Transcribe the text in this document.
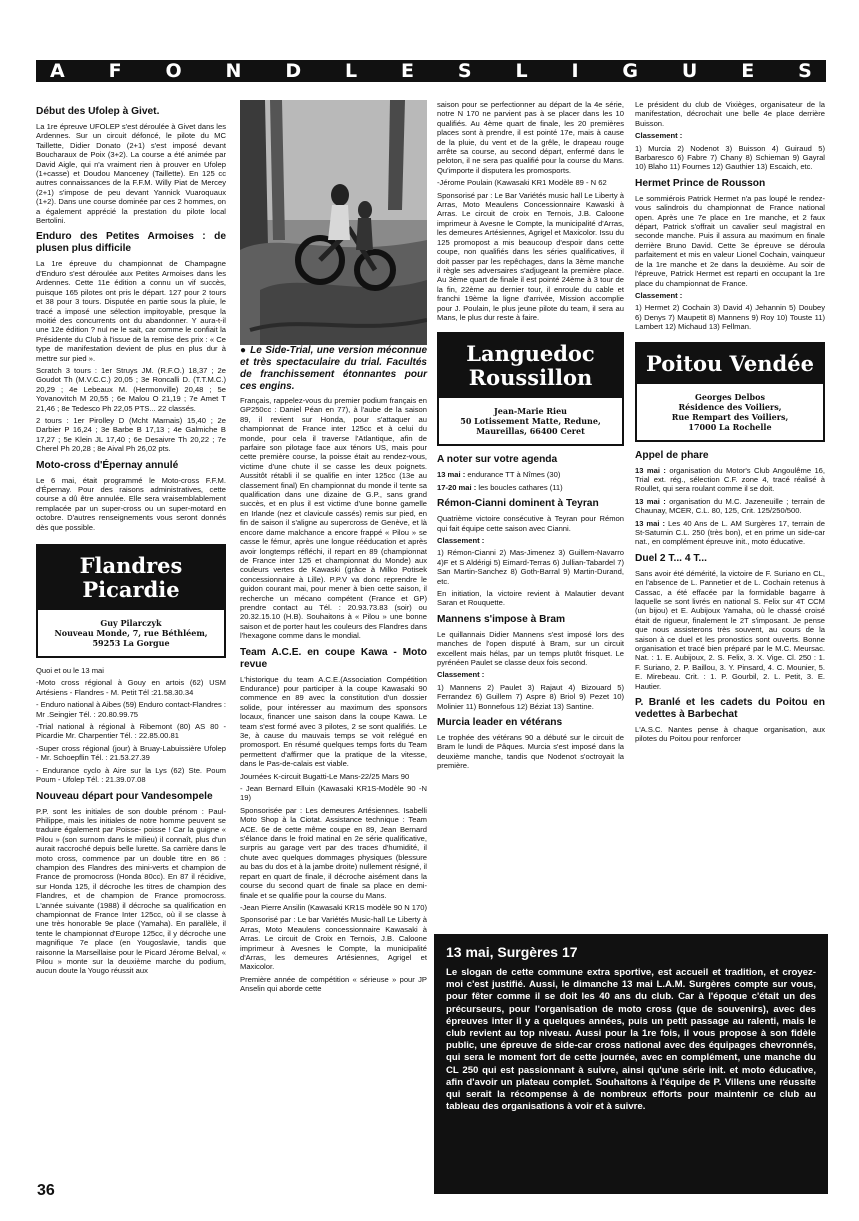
A F O N D L E S L I G U E S
Début des Ufolep à Givet.

La 1re épreuve UFOLEP s'est déroulée à Givet dans les Ardennes. Sur un circuit défoncé, le pilote du MC Taillette, Didier Donato (2+1) s'est imposé devant Boucharaux de Poix (3+2). La course a été animée par David Aigle, qui n'a vraiment rien à prouver en Ufolep (1+casse) et Doudou Manceney (Taillette). En 125 cc autres connaissances de la F.F.M. Willy Piat de Mercey (2+1) s'impose de peu devant Yannick Vuaroquaux (1+2). Dans une course dominée par ces 2 hommes, on a également apprécié la prestation du pilote local Bertolini.

Enduro des Petites Armoises : de plusen plus difficile

La 1re épreuve du championnat de Champagne d'Enduro s'est déroulée aux Petites Armoises dans les Ardennes. Cette 11e édition a connu un vif succès, puisque 165 pilotes ont pris le départ. 127 pour 2 tours et 38 pour 3 tours. Disputée en partie sous la pluie, le tracé a imposé une sélection impitoyable, presque la moitié des concurrents ont du abandonner. Y aura-t-il une 12e édition ? nul ne le sait, car comme le confiait la Présidente du Club à l'issue de la remise des prix : « Ce type de manifestation devient de plus en plus dur à mettre sur pied ».

Scratch 3 tours : 1er Struys JM. (R.F.O.) 18,37 ; 2e Goudot Th (M.V.C.C.) 20,05 ; 3e Roncalli D. (T.T.M.C.) 20,29 ; 4e Lebeaux M. (Hermonville) 20,48 ; 5e Yovanovitch M 20,55 ; 6e Malou O 21,19 ; 7e Amet T 21,46 ; 8e Tedesco Ph 22,05 PTS... 22 classés.

2 tours : 1er Pirolley D (Mcht Marnais) 15,40 ; 2e Darbier P 16,24 ; 3e Barbe B 17,13 ; 4e Galmiche B 17,27 ; 5e Klein JL 17,40 ; 6e Desaivre Th 20,22 ; 7e Cherel Ph 20,28 ; 8e Aival Ph 26,02 pts.

Moto-cross d'Épernay annulé

Le 6 mai, était programmé le Moto-cross F.F.M. d'Épernay. Pour des raisons administratives, cette course a dû être annulée. Elle sera vraisemblablement remplacée par un super-cross ou un super-motard en octobre. D'autres renseignements vous seront donnés dès que possible.

Flandres
Picardie
Guy Pilarczyk
Nouveau Monde, 7, rue Béthléem,
59253 La Gorgue

Quoi et ou le 13 mai

-Moto cross régional à Gouy en artois (62) USM Artésiens - Flandres - M. Petit Tél :21.58.30.34

- Enduro national à Aibes (59) Enduro contact-Flandres : Mr .Seingier Tél. : 20.80.99.75

-Trial national à régional à Ribemont (80) AS 80 - Picardie Mr. Charpentier Tél. : 22.85.00.81

-Super cross régional (jour) à Bruay-Labuissière Ufolep - Mr. Schoepflin Tél. : 21.53.27.39

- Endurance cyclo à Aire sur la Lys (62) Ste. Poum Poum - Ufolep Tél. : 21.39.07.08

Nouveau départ pour Vandesompele

P.P. sont les initiales de son double prénom : Paul-Philippe, mais les initiales de notre homme peuvent se traduire également par Poisse- poisse ! Car la guigne « Pilou » (son surnom dans le milieu) il connaît, plus d'un aurait raccroché depuis belle lurette. Sa carrière dans le moto cross, commence par un double titre en 86 : champion des Flandres des mini-verts et champion de France de promocross (Honda 80cc). En 87 il récidive, sur Honda 125, il décroche les titres de champion des Flandres, et de champion de France promocross. L'année suivante (1988) il décroche sa qualification en championnat de France Inter 125cc, où il se classe à une très honorable 9e place (Yamaha). En parallèle, il tente le championnat d'Europe 125cc, il y décroche une magnifique 7e place (en Yougoslavie, tandis que raisonne la Marseillaise pour le Picard Jérome Belval, « Pilou » monte sur la deuxième marche du podium, aucun doute la Yougo réussit aux

● Le Side-Trial, une version méconnue et très spectaculaire du trial. Facultés de franchissement étonnantes pour ces engins.

Français, rappelez-vous du premier podium français en GP250cc : Daniel Péan en 77), à l'aube de la saison 89, il revient sur Honda, pour s'attaquer au championnat de France inter 125cc et à celui du monde, pour cela il traverse l'Atlantique, afin de parfaire son pilotage face aux ténors US, mais pour cette première course, la poisse était au rendez-vous, victime d'une chute il se casse les deux poignets. Aussitôt rétabli il se qualifie en inter 125cc (13e au classement final) En championnat du monde il tente sa qualification dans une dizaine de G.P., sans grand succès, et en plus il est victime d'une bonne gamelle en Irlande (nez et clavicule cassés) remis sur pied, en fin de saison il s'aligne au supercross de Genève, et là encore dame malchance a encore frappé « Pilou » se casse le fémur, après une longue rééducation et après avoir longtemps réfléchi, il repart en 89 (championnat de France inter 125 et championnat du Monde) aux couleurs vertes de Kawaski (grâce à Milko Potisek concessionnaire à Lille). P.P.V va donc reprendre le guidon courant mai, pour mener à bien cette saison, il recherche un mécano compétent (France et GP) prendre contact au Tél. : 20.93.73.83 (soir) ou 20.32.15.10 (H.B). Souhaitons à « Pilou » une bonne saison et de porter haut les couleurs des Flandres dans l'hexagone comme dans le mondial.

Team A.C.E. en coupe Kawa - Moto revue

L'historique du team A.C.E.(Association Compétition Endurance) pour participer à la coupe Kawasaki 90 commence en 89 avec la constitution d'un dossier solide, pour intéresser au maximum des sponsors locaux, financer une saison dans la coupe Kawa. Le team s'est formé avec 3 pilotes, 2 se sont qualifiés. Le 3e, à cause du mauvais temps se voit relégué en promosport. En résumé quelques temps forts du Team permettent d'affirmer que la pratique de la vitesse, dans le Pas-de-calais est viable.

Journées K-circuit Bugatti-Le Mans-22/25 Mars 90

- Jean Bernard Elluin (Kawasaki KR1S-Modèle 90 -N 19)

Sponsorisée par : Les demeures Artésiennes. Isabelli Moto Shop à la Ciotat. Assistance technique : Team ACE. 6e de cette même coupe en 89, Jean Bernard s'élance dans le froid matinal en 2e série qualificative, surpris au garage vert par des traces d'humidité, il chute avec quelques dommages physiques (blessure au bas du dos et à la jambe droite) nullement résigné, il repart en quart de finale, il décroche aisément dans la course du second quart de finale sa place en demi-finale et se qualifie pour la course du Mans.

-Jean Pierre Ansilin (Kawasaki KR1S modèle 90 N 170)

Sponsorisé par : Le bar Variétés Music-hall Le Liberty à Arras, Moto Meaulens concessionnaire Kawasaki à Arras. Le circuit de Croix en Ternois, J.B. Caloone imprimeur à Avesnes le Compte, la municipalité d'Arras, les demeures Artésiennes, Agrigel et Maxicolor.

Première année de compétition « sérieuse » pour JP Anselin qui aborde cette

saison pour se perfectionner au départ de la 4e série, notre N 170 ne parvient pas à se placer dans les 10 qualifiés. Au 4ème quart de finale, les 20 premières places sont à prendre, il est pointé 17e, mais à cause de la pluie, du vent et de la grêle, le drapeau rouge arrête sa course, au second départ, enfermé dans le peloton, il ne sera pas qualifié pour la course du Mans. Qu'importe il disputera les promosports.

-Jérome Poulain (Kawasaki KR1 Modèle 89 - N 62

Sponsorisé par : Le Bar Variétés music hall Le Liberty à Arras, Moto Meaulens Concessionnaire Kawaski à Arras. Le circuit de croix en Ternois, J.B. Caloone imprimeur à Avesne le Compte, la municipalité d'Arras, les demeures Artésiennes, Agrigel et Maxicolor. Issu du 125 promopost a mis beaucoup d'espoir dans cette coupe, non qualifiés dans les séries qualificatives, il doit passer par les repêchages, dans la 3ème manche il règle ses adversaires s'adjugeant la première place. Au 3ème quart de finale il est pointé 24ème à 3 tour de la fin, 22ème au dernier tour, il enroule du cable et franchi 19ème la ligne d'arrivée, Mission accomplie pour J. Poulain, le plus jeune pilote du team, il sera au Mans, le plus dur reste à faire.

Languedoc
Roussillon
Jean-Marie Rieu
50 Lotissement Matte, Redune,
Maureillas, 66400 Ceret
A noter sur votre agenda

13 mai : endurance TT à Nîmes (30)

17-20 mai : les boucles cathares (11)

Rémon-Cianni dominent à Teyran

Quatrième victoire consécutive à Teyran pour Rémon qui fait équipe cette saison avec Cianni.

Classement :

1) Rémon-Cianni 2) Mas-Jimenez 3) Guillem-Navarro 4)F et S Aldérigi 5) Eimard-Terras 6) Jullian-Tabardel 7) San Martin-Sanchez 8) Goth-Barral 9) Martin-Durand, etc.

En initiation, la victoire revient à Malautier devant Saran et Rouquette.

Mannens s'impose à Bram

Le quillannais Didier Mannens s'est imposé lors des manches de l'open disputé à Bram, sur un circuit excellent mais hélas, par un temps plutôt frisquet. Le pyrénéen Paulet se classe deux fois second.

Classement :

1) Mannens 2) Paulet 3) Rajaut 4) Bizouard 5) Ferrandez 6) Guillem 7) Aspre 8) Briol 9) Pezet 10) Molinier 11) Bonnefous 12) Béziat 13) Santine.

Murcia leader en vétérans

Le trophée des vétérans 90 a débuté sur le circuit de Bram le lundi de Pâques. Murcia s'est imposé dans la deuxième manche, tandis que Nodenot s'octroyait la première.

Le président du club de Vixièges, organisateur de la manifestation, décrochait une belle 4e place derrière Buisson.

Classement :

1) Murcia 2) Nodenot 3) Buisson 4) Guiraud 5) Barbaresco 6) Fabre 7) Chany 8) Schieman 9) Gayral 10) Blaho 11) Fournes 12) Gauthier 13) Escaich, etc.

Hermet Prince de Rousson

Le sommiérois Patrick Hermet n'a pas loupé le rendez-vous salindrois du championnat de France national open. Après une 7e place en 1re manche, et 2 faux départ, Patrick s'offrait un cavalier seul magistral en seconde manche. Puis il assura au maximum en finale derrière Bruno David. Cette 3e épreuve se déroula parfaitement et mis en valeur Lionel Cochain, vainqueur de la 1re manche et 2e dans la deuxième. Au soir de l'épreuve, Patrick Hermet est reparti en occupant la 1re place du championnat de France.

Classement :

1) Hermet 2) Cochain 3) David 4) Jehannin 5) Doubey 6) Denys 7) Maupetit 8) Mannens 9) Roy 10) Touste 11) Lambert 12) Michaud 13) Fellman.

Poitou Vendée
Georges Delbos
Résidence des Voiliers,
Rue Rempart des Voiliers,
17000 La Rochelle
Appel de phare

13 mai : organisation du Motor's Club Angoulême 16, Trial ext. rég., sélection C.F. zone 4, tracé réalisé à Roullet, qui sera roulant comme il se doit.

13 mai : organisation du M.C. Jazeneuille ; terrain de Chaunay, MCER, C.L. 80, 125, Crit. 125/250/500.

13 mai : Les 40 Ans de L. AM Surgères 17, terrain de St-Saturnin C.L. 250 (très bon), et en prime un side-car nat., en complément épreuve init., moto éducative.

Duel 2 T... 4 T...

Sans avoir été démérité, la victoire de F. Suriano en CL, en l'absence de L. Pannetier et de L. Cochain retenus à Cassac, a été effacée par la formidable bagarre à laquelle se sont livrés en national S. Felix sur 4T CCM (un bijou) et E. Aubijoux Yamaha, où le chassé croisé était de rigueur, finalement le 2T s'imposant. Je pense que nous assisterons très souvent, au cours de la saison à ce duel et les pronostics sont ouverts. Bonne organisation et tracé bien préparé par le M.C. Meursac. Nat. : 1. E. Aubijoux, 2. S. Felix, 3. X. Vige. Cl. 250 : 1. F. Suriano, 2. P. Baillou, 3. Y. Pinsard, 4. C. Mounier, 5. E. Mirebeau. Crit. : 1. P. Gourbil, 2. L. Petit, 3. E. Hautier.

P. Branlé et les cadets du Poitou en vedettes à Barbechat

L'A.S.C. Nantes pense à chaque organisation, aux pilotes du Poitou pour renforcer

13 mai, Surgères 17
Le slogan de cette commune extra sportive, est accueil et tradition, et croyez-moi c'est justifié. Aussi, le dimanche 13 mai L.A.M. Surgères compte sur vous, pour fêter comme il se doit les 40 ans du club. Car à l'époque c'était un des précurseurs, pour l'organisation de moto cross (que de souvenirs), avec des épreuves inter il y a quelques années, puis un petit passage au ralenti, mais le club revient au top niveau. Aussi pour la 1re fois, il vous propose à son fidèle public, une épreuve de side-car cross national avec des équipages chevronnés, qui sera le moment fort de cette journée, avec en complément, une manche du CL 250 qui est passionnant à suivre, ainsi qu'une série init. et moto éducative, afin d'avoir un plateau complet. Souhaitons à l'équipe de P. Villens une réussite qui serait la récompense à de nombreux efforts pour maintenir ce club au tableau des organisations à voir et à suivre.
36
